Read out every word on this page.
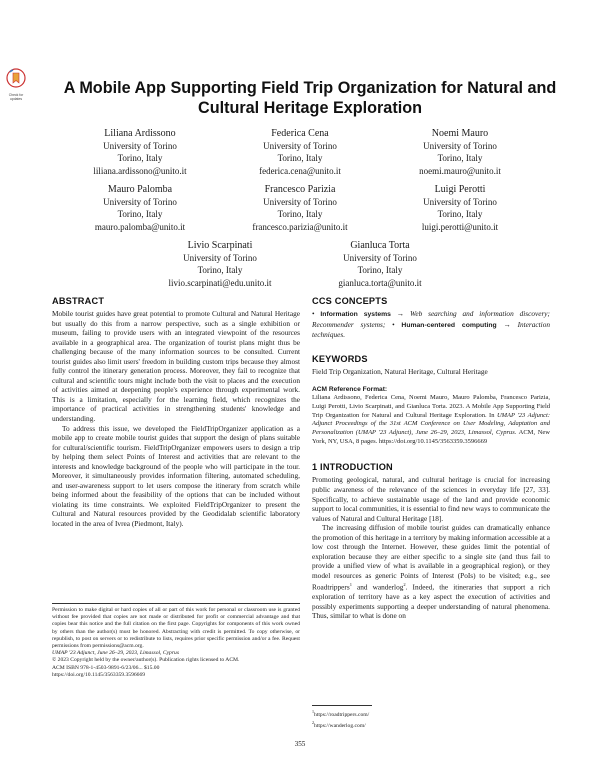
Check for updates
A Mobile App Supporting Field Trip Organization for Natural and
Cultural Heritage Exploration
Liliana Ardissono
University of Torino
Torino, Italy
liliana.ardissono@unito.it
Federica Cena
University of Torino
Torino, Italy
federica.cena@unito.it
Noemi Mauro
University of Torino
Torino, Italy
noemi.mauro@unito.it
Mauro Palomba
University of Torino
Torino, Italy
mauro.palomba@unito.it
Francesco Parizia
University of Torino
Torino, Italy
francesco.parizia@unito.it
Luigi Perotti
University of Torino
Torino, Italy
luigi.perotti@unito.it
Livio Scarpinati
University of Torino
Torino, Italy
livio.scarpinati@edu.unito.it
Gianluca Torta
University of Torino
Torino, Italy
gianluca.torta@unito.it
ABSTRACT

Mobile tourist guides have great potential to promote Cultural and Natural Heritage but usually do this from a narrow perspective, such as a single exhibition or museum, failing to provide users with an integrated viewpoint of the resources available in a geographical area. The organization of tourist plans might thus be challenging because of the many information sources to be consulted. Current tourist guides also limit users' freedom in building custom trips because they almost fully control the itinerary generation process. Moreover, they fail to recognize that cultural and scientific tours might include both the visit to places and the execution of activities aimed at deepening people's experience through experimental work. This is a limitation, especially for the learning field, which recognizes the importance of practical activities in strengthening students' knowledge and understanding.

To address this issue, we developed the FieldTripOrganizer application as a mobile app to create mobile tourist guides that support the design of plans suitable for cultural/scientific tourism. FieldTripOrganizer empowers users to design a trip by helping them select Points of Interest and activities that are relevant to the interests and knowledge background of the people who will participate in the tour. Moreover, it simultaneously provides information filtering, automated scheduling, and user-awareness support to let users compose the itinerary from scratch while being informed about the feasibility of the options that can be included without violating its time constraints. We exploited FieldTripOrganizer to present the Cultural and Natural resources provided by the Geodidalab scientific laboratory located in the area of Ivrea (Piedmont, Italy).

Permission to make digital or hard copies of all or part of this work for personal or classroom use is granted without fee provided that copies are not made or distributed for profit or commercial advantage and that copies bear this notice and the full citation on the first page. Copyrights for components of this work owned by others than the author(s) must be honored. Abstracting with credit is permitted. To copy otherwise, or republish, to post on servers or to redistribute to lists, requires prior specific permission and/or a fee. Request permissions from permissions@acm.org.
UMAP '23 Adjunct, June 26–29, 2023, Limassol, Cyprus
© 2023 Copyright held by the owner/author(s). Publication rights licensed to ACM.
ACM ISBN 978-1-4503-9891-6/23/06... $15.00
https://doi.org/10.1145/3563359.3596669
CCS CONCEPTS
• Information systems → Web searching and information discovery; Recommender systems; • Human-centered computing → Interaction techniques.
KEYWORDS
Field Trip Organization, Natural Heritage, Cultural Heritage
ACM Reference Format:
Liliana Ardissono, Federica Cena, Noemi Mauro, Mauro Palomba, Francesco Parizia, Luigi Perotti, Livio Scarpinati, and Gianluca Torta. 2023. A Mobile App Supporting Field Trip Organization for Natural and Cultural Heritage Exploration. In UMAP '23 Adjunct: Adjunct Proceedings of the 31st ACM Conference on User Modeling, Adaptation and Personalization (UMAP '23 Adjunct), June 26–29, 2023, Limassol, Cyprus. ACM, New York, NY, USA, 8 pages. https://doi.org/10.1145/3563359.3596669
1 INTRODUCTION

Promoting geological, natural, and cultural heritage is crucial for increasing public awareness of the relevance of the sciences in everyday life [27, 33]. Specifically, to achieve sustainable usage of the land and provide economic support to local communities, it is essential to find new ways to communicate the values of Natural and Cultural Heritage [18].

The increasing diffusion of mobile tourist guides can dramatically enhance the promotion of this heritage in a territory by making information accessible at a low cost through the Internet. However, these guides limit the potential of exploration because they are either specific to a single site (and thus fail to provide a unified view of what is available in a geographical region), or they model resources as generic Points of Interest (PoIs) to be visited; e.g., see Roadtrippers$^1$ and wanderlog$^2$. Indeed, the itineraries that support a rich exploration of territory have as a key aspect the execution of activities and possibly experiments supporting a deeper understanding of natural phenomena. Thus, similar to what is done on

$^1$https://roadtrippers.com/
$^2$https://wanderlog.com/
355
